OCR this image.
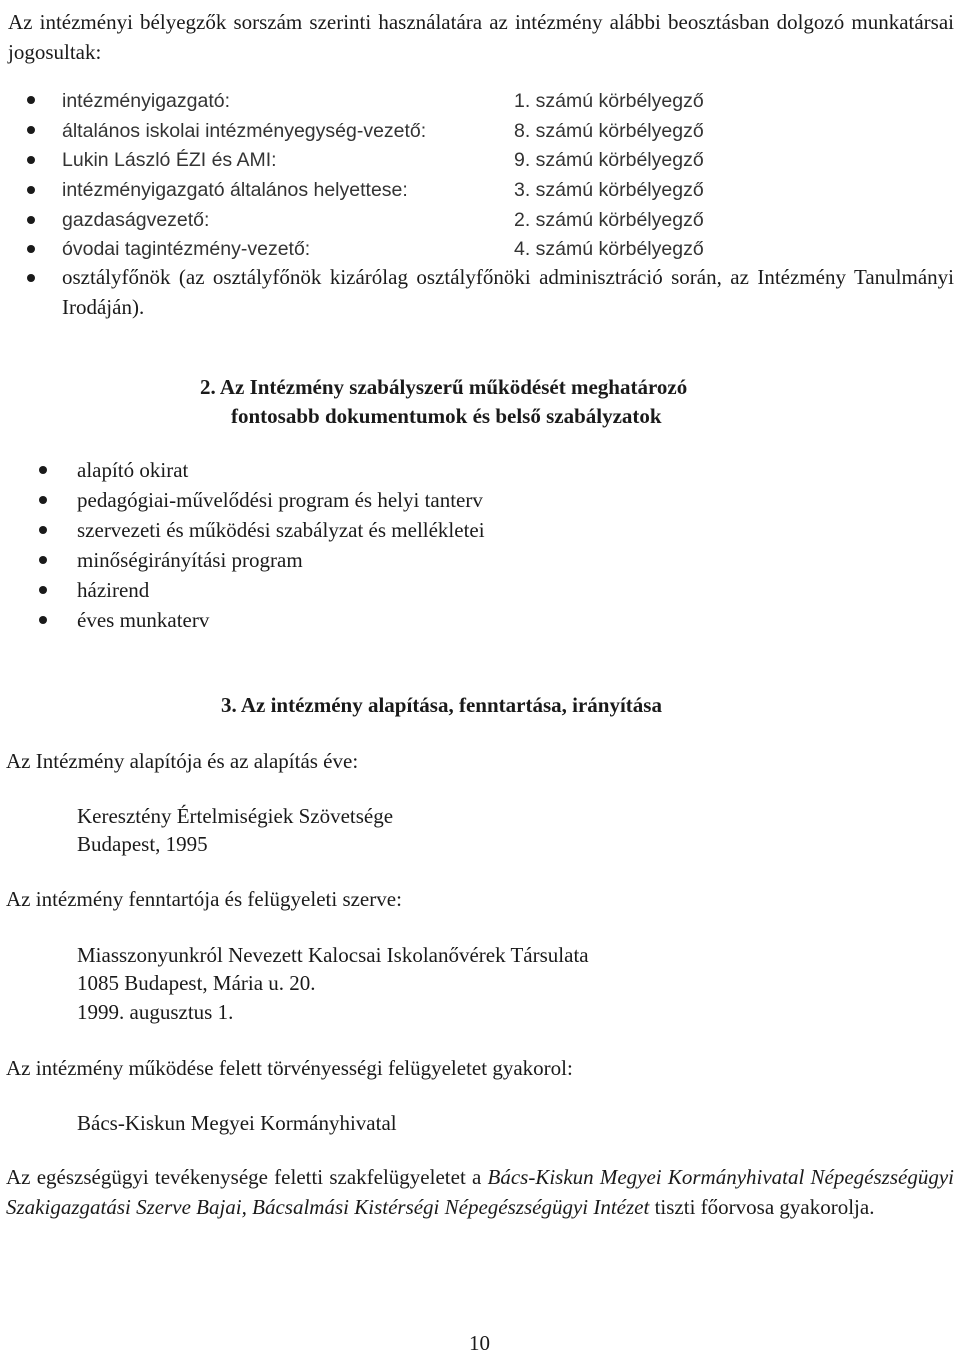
Az intézményi bélyegzők sorszám szerinti használatára az intézmény alábbi beosztásban dolgozó munkatársai jogosultak:
intézményigazgató:	1. számú körbélyegző
általános iskolai intézményegység-vezető:	8. számú körbélyegző
Lukin László ÉZI és AMI:	9. számú körbélyegző
intézményigazgató általános helyettese:	3. számú körbélyegző
gazdaságvezető:	2. számú körbélyegző
óvodai tagintézmény-vezető:	4. számú körbélyegző
osztályfőnök (az osztályfőnök kizárólag osztályfőnöki adminisztráció során, az Intézmény Tanulmányi Irodáján).
2. Az Intézmény szabályszerű működését meghatározó
fontosabb dokumentumok és belső szabályzatok
alapító okirat
pedagógiai-művelődési program és helyi tanterv
szervezeti és működési szabályzat és mellékletei
minőségirányítási program
házirend
éves munkaterv
3. Az intézmény alapítása, fenntartása, irányítása
Az Intézmény alapítója és az alapítás éve:
Keresztény Értelmiségiek Szövetsége
Budapest, 1995
Az intézmény fenntartója és felügyeleti szerve:
Miasszonyunkról Nevezett Kalocsai Iskolanővérek Társulata
1085 Budapest, Mária u. 20.
1999. augusztus 1.
Az intézmény működése felett törvényességi felügyeletet gyakorol:
Bács-Kiskun Megyei Kormányhivatal
Az egészségügyi tevékenysége feletti szakfelügyeletet a Bács-Kiskun Megyei Kormányhivatal Népegészségügyi Szakigazgatási Szerve Bajai, Bácsalmási Kistérségi Népegészségügyi Intézet tiszti főorvosa gyakorolja.
10
